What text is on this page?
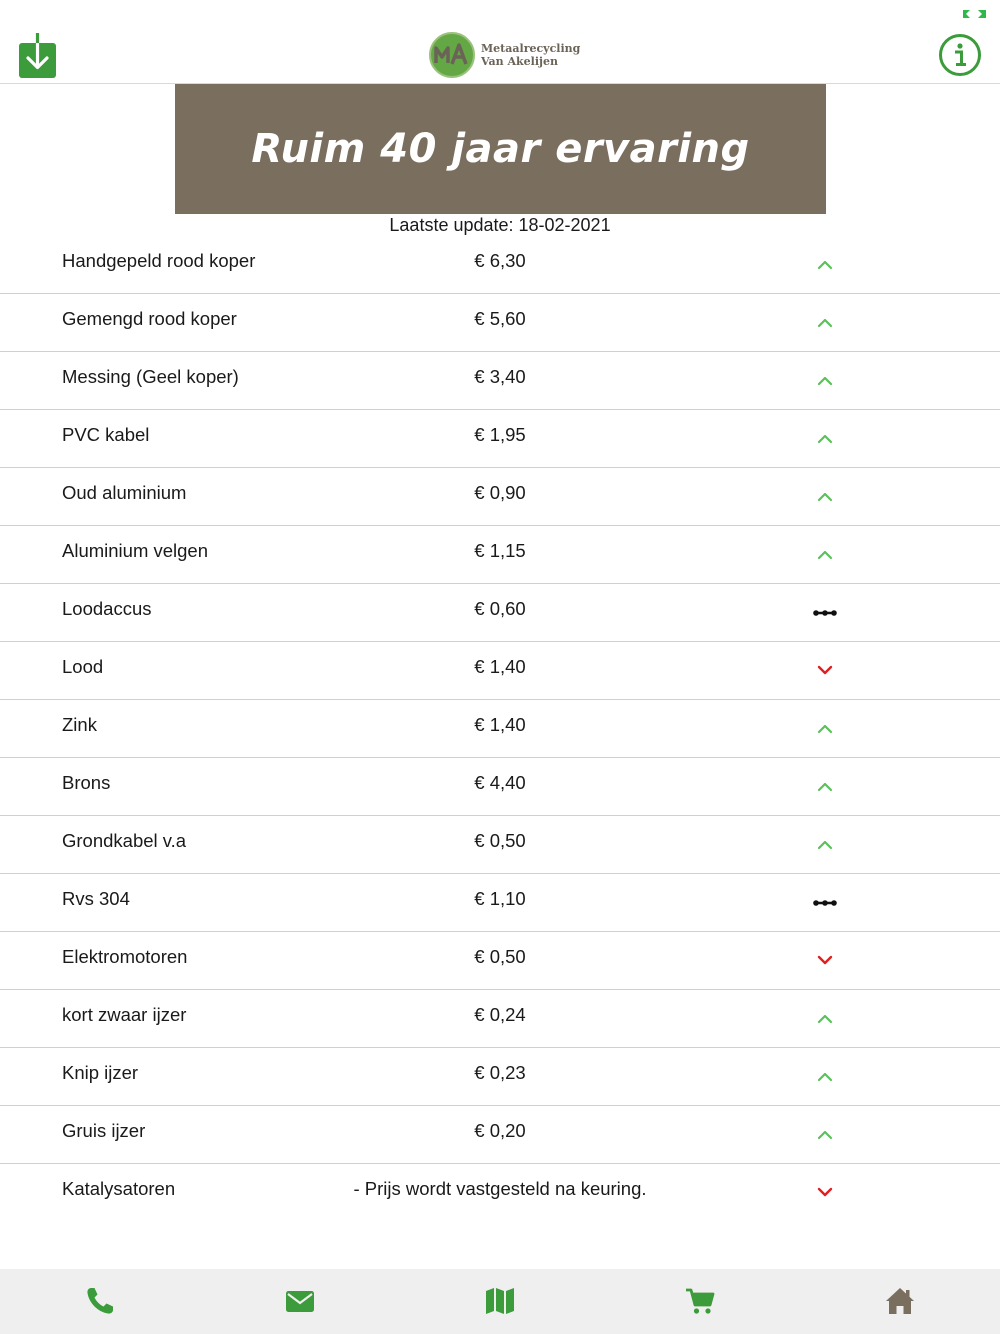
Metaalrecycling
Van Akelijen
Ruim 40 jaar ervaring
Laatste update: 18-02-2021
Handgepeld rood koper	€ 6,30
Gemengd rood koper	€ 5,60
Messing (Geel koper)	€ 3,40
PVC kabel	€ 1,95
Oud aluminium	€ 0,90
Aluminium velgen	€ 1,15
Loodaccus	€ 0,60
Lood	€ 1,40
Zink	€ 1,40
Brons	€ 4,40
Grondkabel v.a	€ 0,50
Rvs 304	€ 1,10
Elektromotoren	€ 0,50
kort zwaar ijzer	€ 0,24
Knip ijzer	€ 0,23
Gruis ijzer	€ 0,20
Katalysatoren	- Prijs wordt vastgesteld na keuring.
